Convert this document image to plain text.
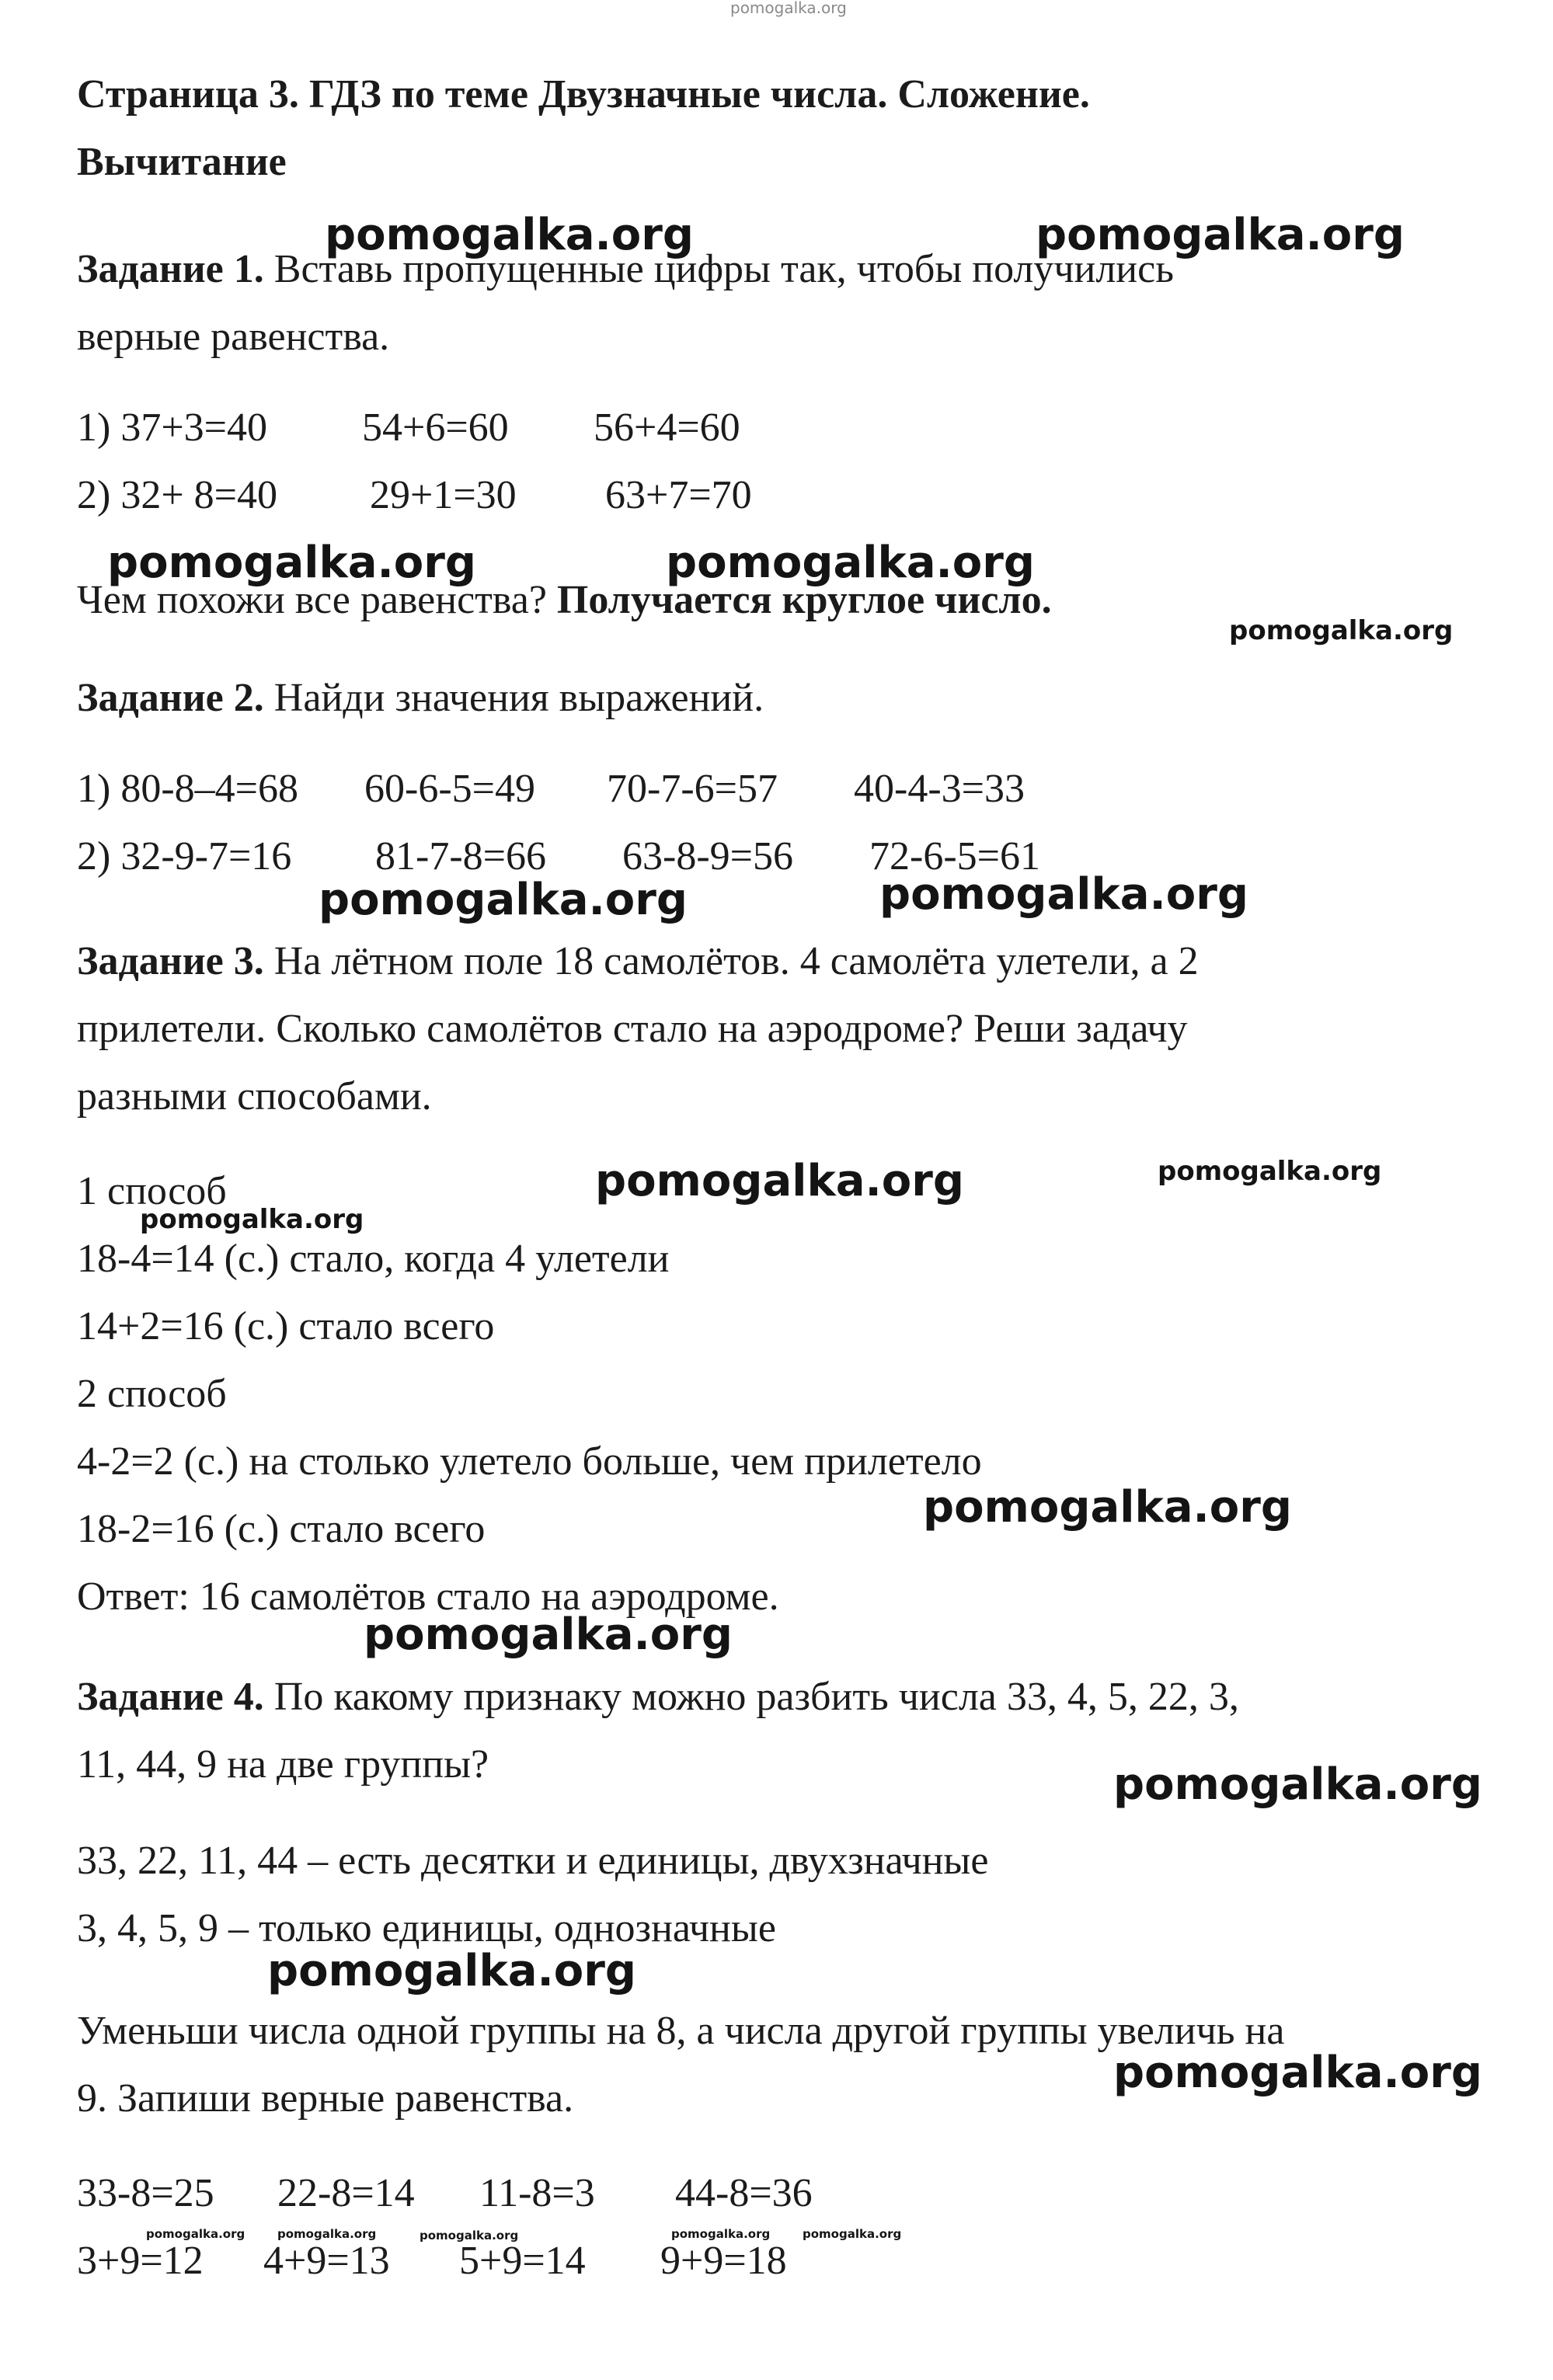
pomogalka.org
Страница 3. ГДЗ по теме Двузначные числа. Сложение.
Вычитание
Задание 1. Вставь пропущенные цифры так, чтобы получились
верные равенства.
1) 37+3=40 54+6=60 56+4=60
2) 32+ 8=40 29+1=30 63+7=70
Чем похожи все равенства? Получается круглое число.
Задание 2. Найди значения выражений.
1) 80-8–4=68 60-6-5=49 70-7-6=57 40-4-3=33
2) 32-9-7=16 81-7-8=66 63-8-9=56 72-6-5=61
Задание 3. На лётном поле 18 самолётов. 4 самолёта улетели, а 2
прилетели. Сколько самолётов стало на аэродроме? Реши задачу
разными способами.
1 способ
18-4=14 (с.) стало, когда 4 улетели
14+2=16 (с.) стало всего
2 способ
4-2=2 (с.) на столько улетело больше, чем прилетело
18-2=16 (с.) стало всего
Ответ: 16 самолётов стало на аэродроме.
Задание 4. По какому признаку можно разбить числа 33, 4, 5, 22, 3,
11, 44, 9 на две группы?
33, 22, 11, 44 – есть десятки и единицы, двухзначные
3, 4, 5, 9 – только единицы, однозначные
Уменьши числа одной группы на 8, а числа другой группы увеличь на
9. Запиши верные равенства.
33-8=25 22-8=14 11-8=3 44-8=36
3+9=12 4+9=13 5+9=14 9+9=18
pomogalka.org	pomogalka.org
pomogalka.org	pomogalka.org
pomogalka.org	pomogalka.org
pomogalka.org
pomogalka.org
pomogalka.org
pomogalka.org
pomogalka.org
pomogalka.org
pomogalka.org
pomogalka.org
pomogalka.org
pomogalka.org	pomogalka.org	pomogalka.org	pomogalka.org	pomogalka.org
